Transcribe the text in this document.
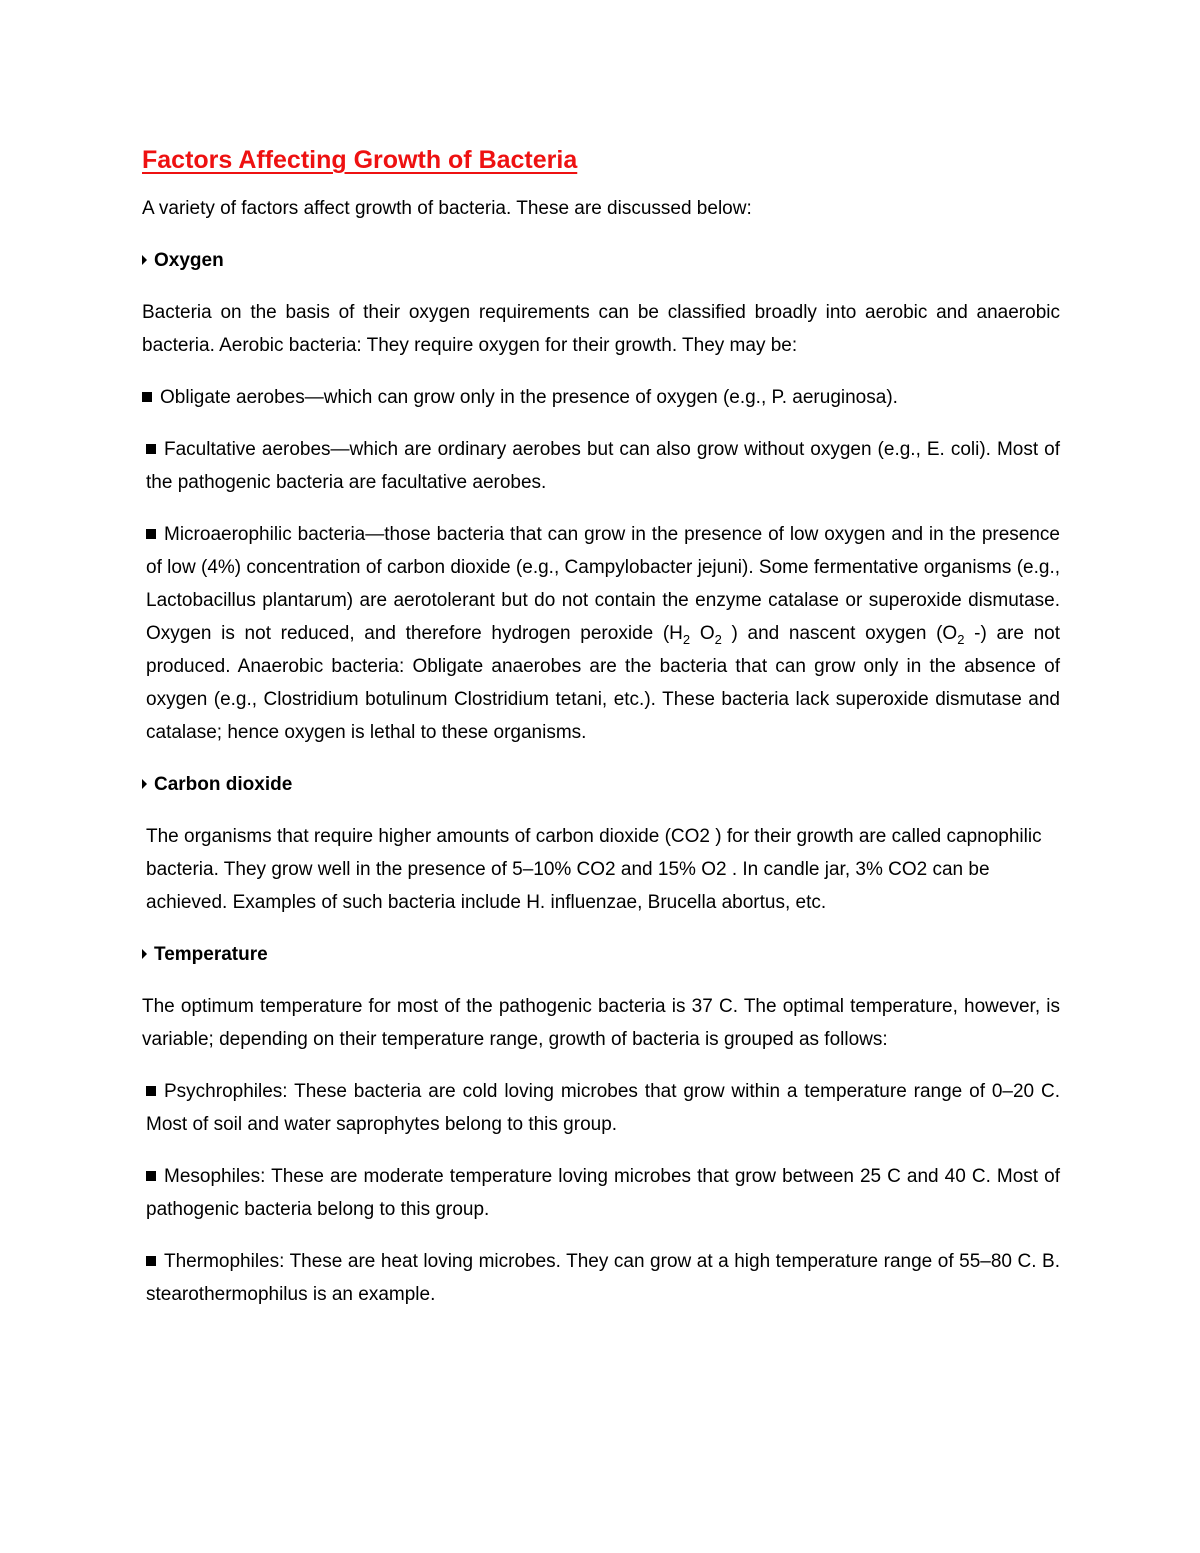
Factors Affecting Growth of Bacteria

A variety of factors affect growth of bacteria. These are discussed below:

Oxygen

Bacteria on the basis of their oxygen requirements can be classified broadly into aerobic and anaerobic bacteria. Aerobic bacteria: They require oxygen for their growth. They may be:

Obligate aerobes—which can grow only in the presence of oxygen (e.g., P. aeruginosa).

Facultative aerobes—which are ordinary aerobes but can also grow without oxygen (e.g., E. coli). Most of the pathogenic bacteria are facultative aerobes.

Microaerophilic bacteria—those bacteria that can grow in the presence of low oxygen and in the presence of low (4%) concentration of carbon dioxide (e.g., Campylobacter jejuni). Some fermentative organisms (e.g., Lactobacillus plantarum) are aerotolerant but do not contain the enzyme catalase or superoxide dismutase. Oxygen is not reduced, and therefore hydrogen peroxide ($H_2$ $O_2$ ) and nascent oxygen ($O_2$ -) are not produced. Anaerobic bacteria: Obligate anaerobes are the bacteria that can grow only in the absence of oxygen (e.g., Clostridium botulinum Clostridium tetani, etc.). These bacteria lack superoxide dismutase and catalase; hence oxygen is lethal to these organisms.

Carbon dioxide

The organisms that require higher amounts of carbon dioxide (CO2 ) for their growth are called capnophilic bacteria. They grow well in the presence of 5–10% CO2 and 15% O2 . In candle jar, 3% CO2 can be achieved. Examples of such bacteria include H. influenzae, Brucella abortus, etc.

Temperature

The optimum temperature for most of the pathogenic bacteria is 37 C. The optimal temperature, however, is variable; depending on their temperature range, growth of bacteria is grouped as follows:

Psychrophiles: These bacteria are cold loving microbes that grow within a temperature range of 0–20 C. Most of soil and water saprophytes belong to this group.

Mesophiles: These are moderate temperature loving microbes that grow between 25 C and 40 C. Most of pathogenic bacteria belong to this group.

Thermophiles: These are heat loving microbes. They can grow at a high temperature range of 55–80 C. B. stearothermophilus is an example.
